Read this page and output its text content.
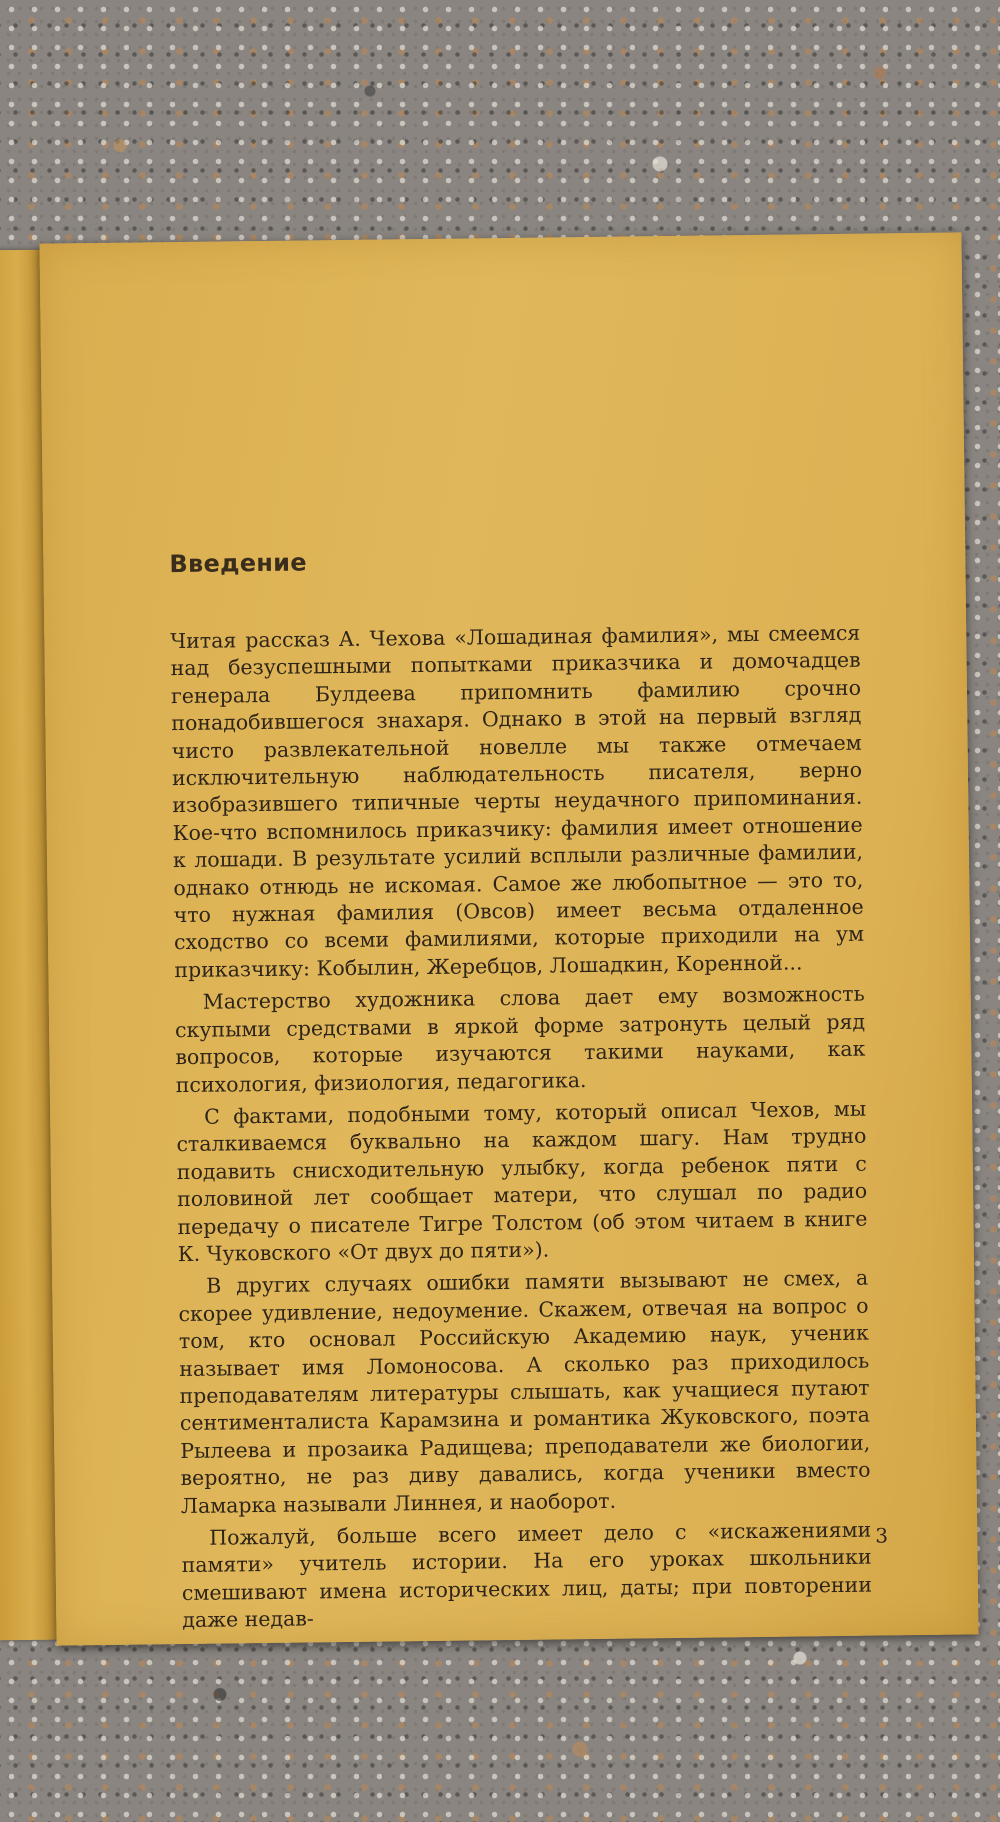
Введение

Читая рассказ А. Чехова «Лошадиная фамилия», мы смеемся над безуспешными попытками приказчика и домочадцев генерала Булдеева припомнить фамилию срочно понадобившегося знахаря. Однако в этой на первый взгляд чисто развлекательной новелле мы также отмечаем исключительную наблюдательность писателя, верно изобразившего типичные черты неудачного припоминания. Кое-что вспомнилось приказчику: фамилия имеет отношение к лошади. В результате усилий всплыли различные фамилии, однако отнюдь не искомая. Самое же любопытное — это то, что нужная фамилия (Овсов) имеет весьма отдаленное сходство со всеми фамилиями, которые приходили на ум приказчику: Кобылин, Жеребцов, Лошадкин, Коренной...

Мастерство художника слова дает ему возможность скупыми средствами в яркой форме затронуть целый ряд вопросов, которые изучаются такими науками, как психология, физиология, педагогика.

С фактами, подобными тому, который описал Чехов, мы сталкиваемся буквально на каждом шагу. Нам трудно подавить снисходительную улыбку, когда ребенок пяти с половиной лет сообщает матери, что слушал по радио передачу о писателе Тигре Толстом (об этом читаем в книге К. Чуковского «От двух до пяти»).

В других случаях ошибки памяти вызывают не смех, а скорее удивление, недоумение. Скажем, отвечая на вопрос о том, кто основал Российскую Академию наук, ученик называет имя Ломоносова. А сколько раз приходилось преподавателям литературы слышать, как учащиеся путают сентименталиста Карамзина и романтика Жуковского, поэта Рылеева и прозаика Радищева; преподаватели же биологии, вероятно, не раз диву давались, когда ученики вместо Ламарка называли Линнея, и наоборот.

Пожалуй, больше всего имеет дело с «искажениями памяти» учитель истории. На его уроках школьники смешивают имена исторических лиц, даты; при повторении даже недав-

3
